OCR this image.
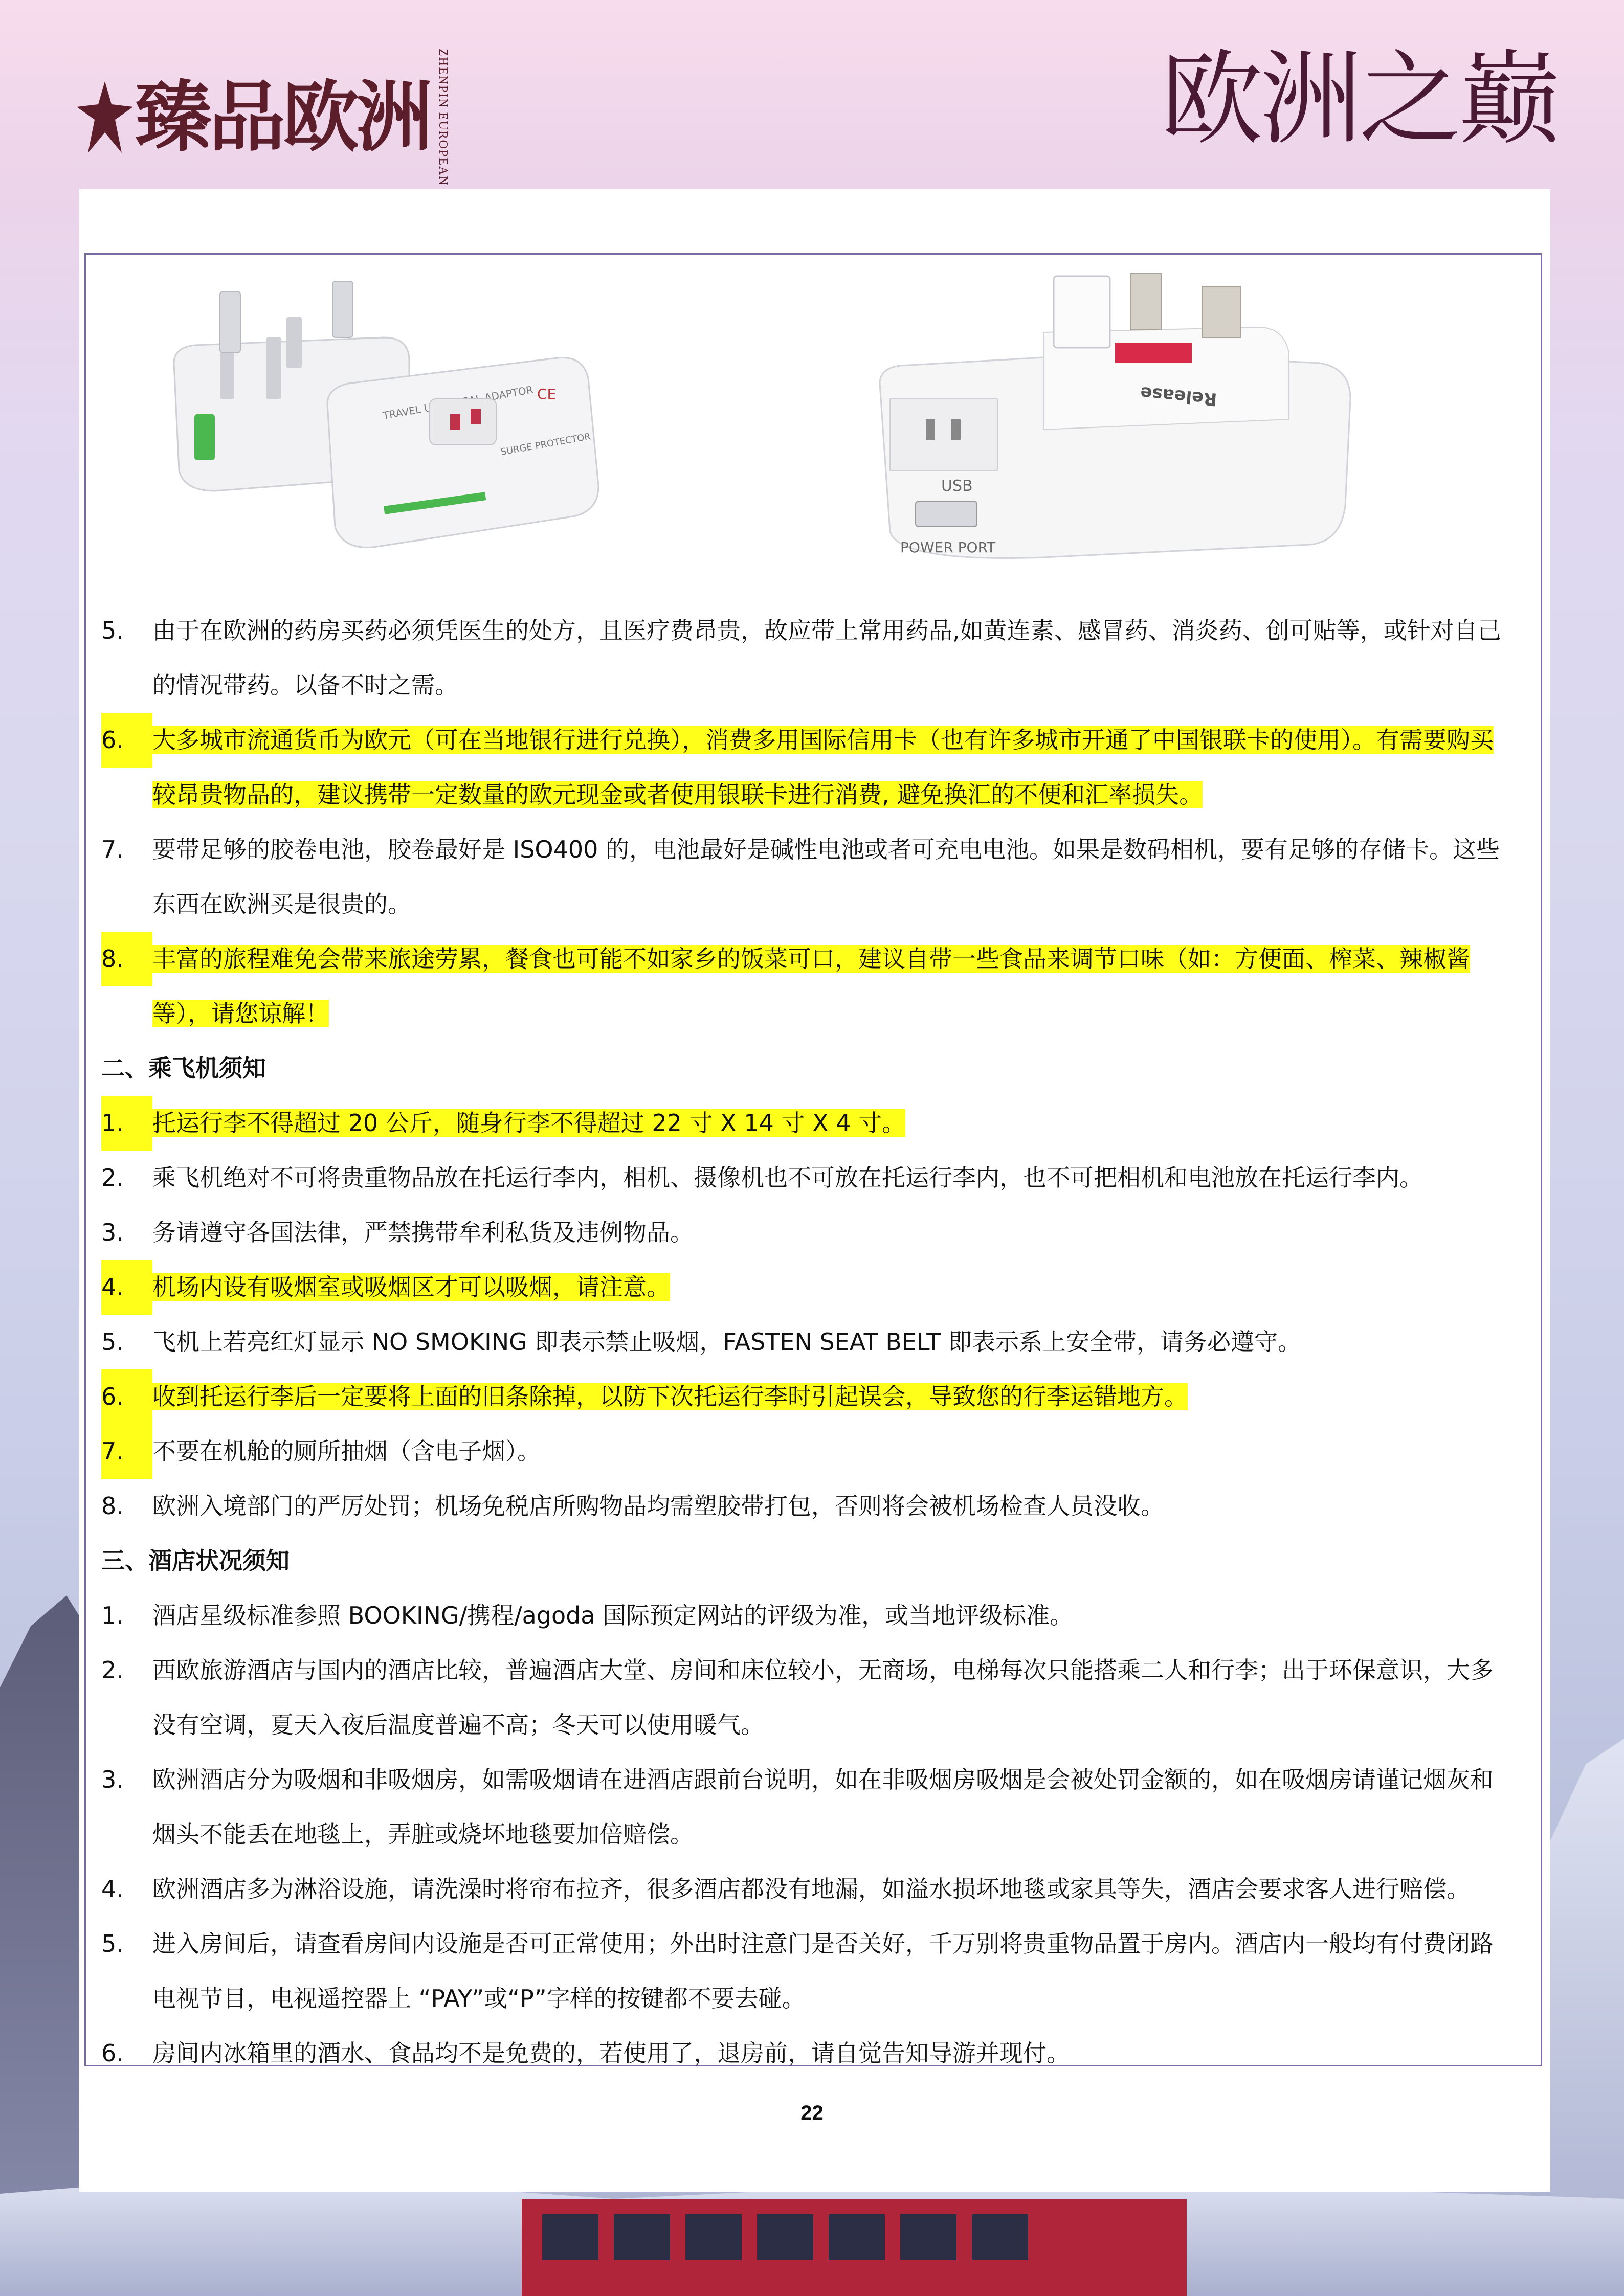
臻品欧洲 ZHENPIN EUROPEAN	欧洲之巅
TRAVEL ADAPTOR
SURGE PROTECTOR
CE	Release
USB
POWER PORT
5.	由于在欧洲的药房买药必须凭医生的处方，且医疗费昂贵，故应带上常用药品,如黄连素、感冒药、消炎药、创可贴等，或针对自己的情况带药。以备不时之需。
6.	大多城市流通货币为欧元（可在当地银行进行兑换），消费多用国际信用卡（也有许多城市开通了中国银联卡的使用）。有需要购买较昂贵物品的，建议携带一定数量的欧元现金或者使用银联卡进行消费, 避免换汇的不便和汇率损失。
7.	要带足够的胶卷电池，胶卷最好是 ISO400 的，电池最好是碱性电池或者可充电电池。如果是数码相机，要有足够的存储卡。这些东西在欧洲买是很贵的。
8.	丰富的旅程难免会带来旅途劳累，餐食也可能不如家乡的饭菜可口，建议自带一些食品来调节口味（如：方便面、榨菜、辣椒酱等），请您谅解！
二、乘飞机须知
1.	托运行李不得超过 20 公斤，随身行李不得超过 22 寸 X 14 寸 X 4 寸。
2.	乘飞机绝对不可将贵重物品放在托运行李内，相机、摄像机也不可放在托运行李内，也不可把相机和电池放在托运行李内。
3.	务请遵守各国法律，严禁携带牟利私货及违例物品。
4.	机场内设有吸烟室或吸烟区才可以吸烟，请注意。
5.	飞机上若亮红灯显示 NO SMOKING 即表示禁止吸烟，FASTEN SEAT BELT 即表示系上安全带，请务必遵守。
6.	收到托运行李后一定要将上面的旧条除掉，以防下次托运行李时引起误会，导致您的行李运错地方。
7.	不要在机舱的厕所抽烟（含电子烟）。
8.	欧洲入境部门的严厉处罚；机场免税店所购物品均需塑胶带打包，否则将会被机场检查人员没收。
三、酒店状况须知
1.	酒店星级标准参照 BOOKING/携程/agoda 国际预定网站的评级为准，或当地评级标准。
2.	西欧旅游酒店与国内的酒店比较，普遍酒店大堂、房间和床位较小，无商场，电梯每次只能搭乘二人和行李；出于环保意识，大多没有空调，夏天入夜后温度普遍不高；冬天可以使用暖气。
3.	欧洲酒店分为吸烟和非吸烟房，如需吸烟请在进酒店跟前台说明，如在非吸烟房吸烟是会被处罚金额的，如在吸烟房请谨记烟灰和烟头不能丢在地毯上，弄脏或烧坏地毯要加倍赔偿。
4.	欧洲酒店多为淋浴设施，请洗澡时将帘布拉齐，很多酒店都没有地漏，如溢水损坏地毯或家具等失，酒店会要求客人进行赔偿。
5.	进入房间后，请查看房间内设施是否可正常使用；外出时注意门是否关好，千万别将贵重物品置于房内。酒店内一般均有付费闭路电视节目，电视遥控器上 “PAY”或“P”字样的按键都不要去碰。
6.	房间内冰箱里的酒水、食品均不是免费的，若使用了，退房前，请自觉告知导游并现付。
22
